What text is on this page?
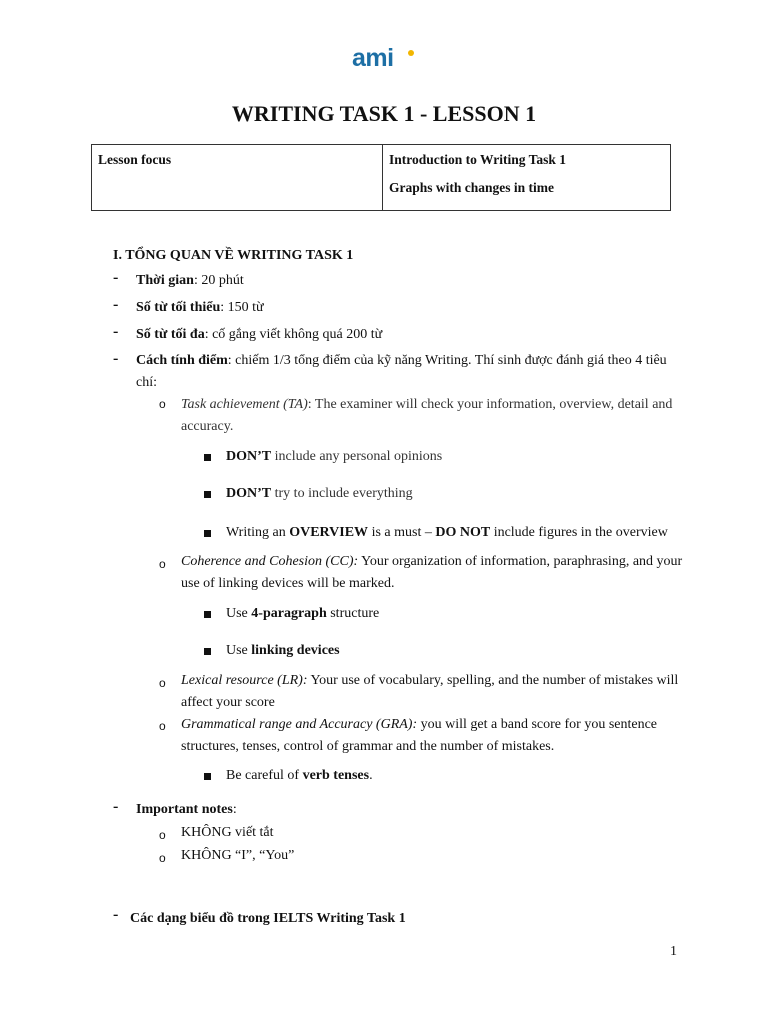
ami
WRITING TASK 1 - LESSON 1
Lesson focus	Introduction to Writing Task 1
Graphs with changes in time
I. TỔNG QUAN VỀ WRITING TASK 1
- Thời gian: 20 phút
- Số từ tối thiểu: 150 từ
- Số từ tối đa: cố gắng viết không quá 200 từ
- Cách tính điểm: chiếm 1/3 tổng điểm của kỹ năng Writing. Thí sinh được đánh giá theo 4 tiêu
chí:
o Task achievement (TA): The examiner will check your information, overview, detail and
accuracy.
DON’T include any personal opinions
DON’T try to include everything
Writing an OVERVIEW is a must – DO NOT include figures in the overview
o Coherence and Cohesion (CC): Your organization of information, paraphrasing, and your
use of linking devices will be marked.
Use 4-paragraph structure
Use linking devices
o Lexical resource (LR): Your use of vocabulary, spelling, and the number of mistakes will
affect your score
o Grammatical range and Accuracy (GRA): you will get a band score for you sentence
structures, tenses, control of grammar and the number of mistakes.
Be careful of verb tenses.
- Important notes:
o KHÔNG viết tắt
o KHÔNG “I”, “You”
- Các dạng biểu đồ trong IELTS Writing Task 1
1
